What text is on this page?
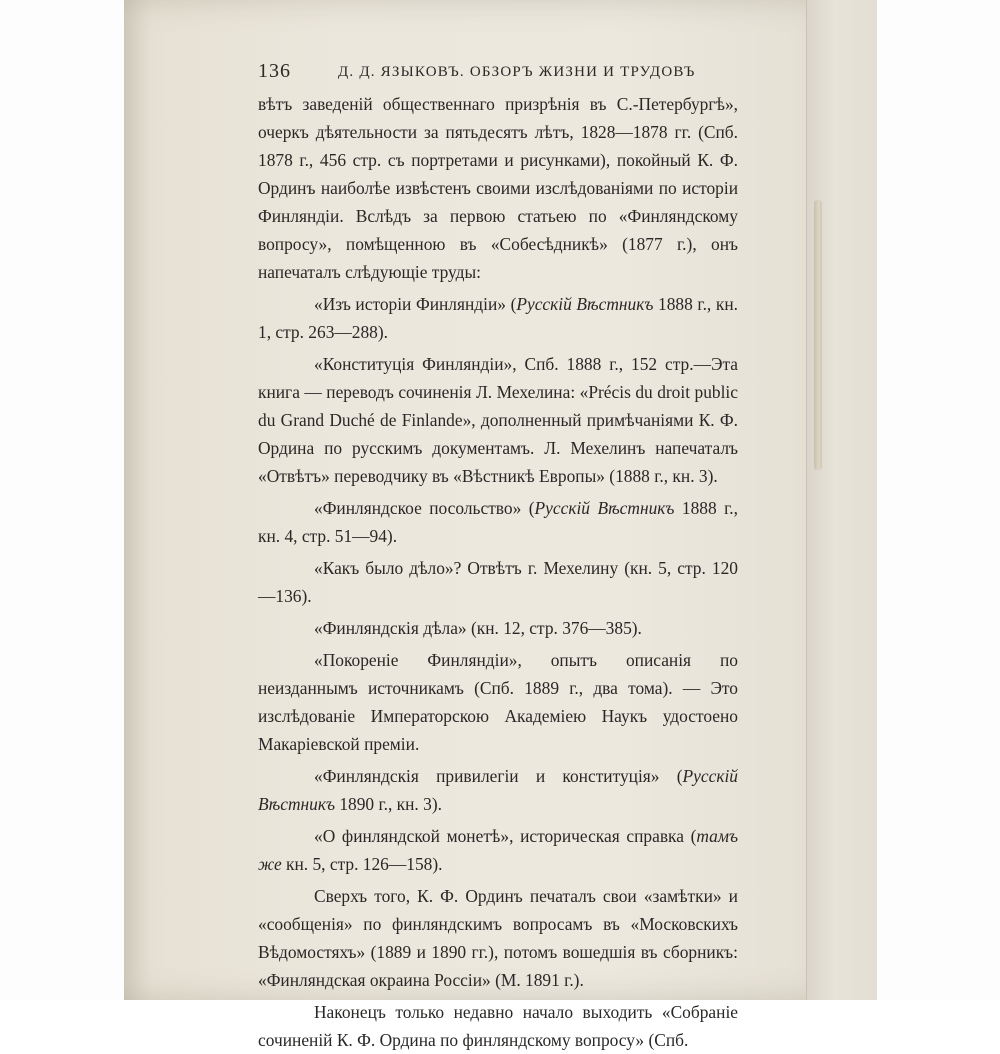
136	Д. Д. ЯЗЫКОВЪ. ОБЗОРЪ ЖИЗНИ И ТРУДОВЪ

вѣтъ заведеній общественнаго призрѣнія въ С.-Петербургѣ», очеркъ дѣятельности за пятьдесятъ лѣтъ, 1828—1878 гг. (Спб. 1878 г., 456 стр. съ портретами и рисунками), покойный К. Ф. Ординъ наиболѣе извѣстенъ своими изслѣдованіями по исторіи Финляндіи. Вслѣдъ за первою статьею по «Финляндскому вопросу», помѣщенною въ «Собесѣдникѣ» (1877 г.), онъ напечаталъ слѣдующіе труды:

«Изъ исторіи Финляндіи» (Русскій Вѣстникъ 1888 г., кн. 1, стр. 263—288).

«Конституція Финляндіи», Спб. 1888 г., 152 стр.—Эта книга — переводъ сочиненія Л. Мехелина: «Précis du droit public du Grand Duché de Finlande», дополненный примѣчаніями К. Ф. Ордина по русскимъ документамъ. Л. Мехелинъ напечаталъ «Отвѣтъ» переводчику въ «Вѣстникѣ Европы» (1888 г., кн. 3).

«Финляндское посольство» (Русскій Вѣстникъ 1888 г., кн. 4, стр. 51—94).

«Какъ было дѣло»? Отвѣтъ г. Мехелину (кн. 5, стр. 120—136).

«Финляндскія дѣла» (кн. 12, стр. 376—385).

«Покореніе Финляндіи», опытъ описанія по неизданнымъ источникамъ (Спб. 1889 г., два тома). — Это изслѣдованіе Императорскою Академіею Наукъ удостоено Макаріевской преміи.

«Финляндскія привилегіи и конституція» (Русскій Вѣстникъ 1890 г., кн. 3).

«О финляндской монетѣ», историческая справка (тамъ же кн. 5, стр. 126—158).

Сверхъ того, К. Ф. Ординъ печаталъ свои «замѣтки» и «сообщенія» по финляндскимъ вопросамъ въ «Московскихъ Вѣдомостяхъ» (1889 и 1890 гг.), потомъ вошедшія въ сборникъ: «Финляндская окраина Россіи» (М. 1891 г.).

Наконецъ только недавно начало выходить «Собраніе сочиненій К. Ф. Ордина по финляндскому вопросу» (Спб.
